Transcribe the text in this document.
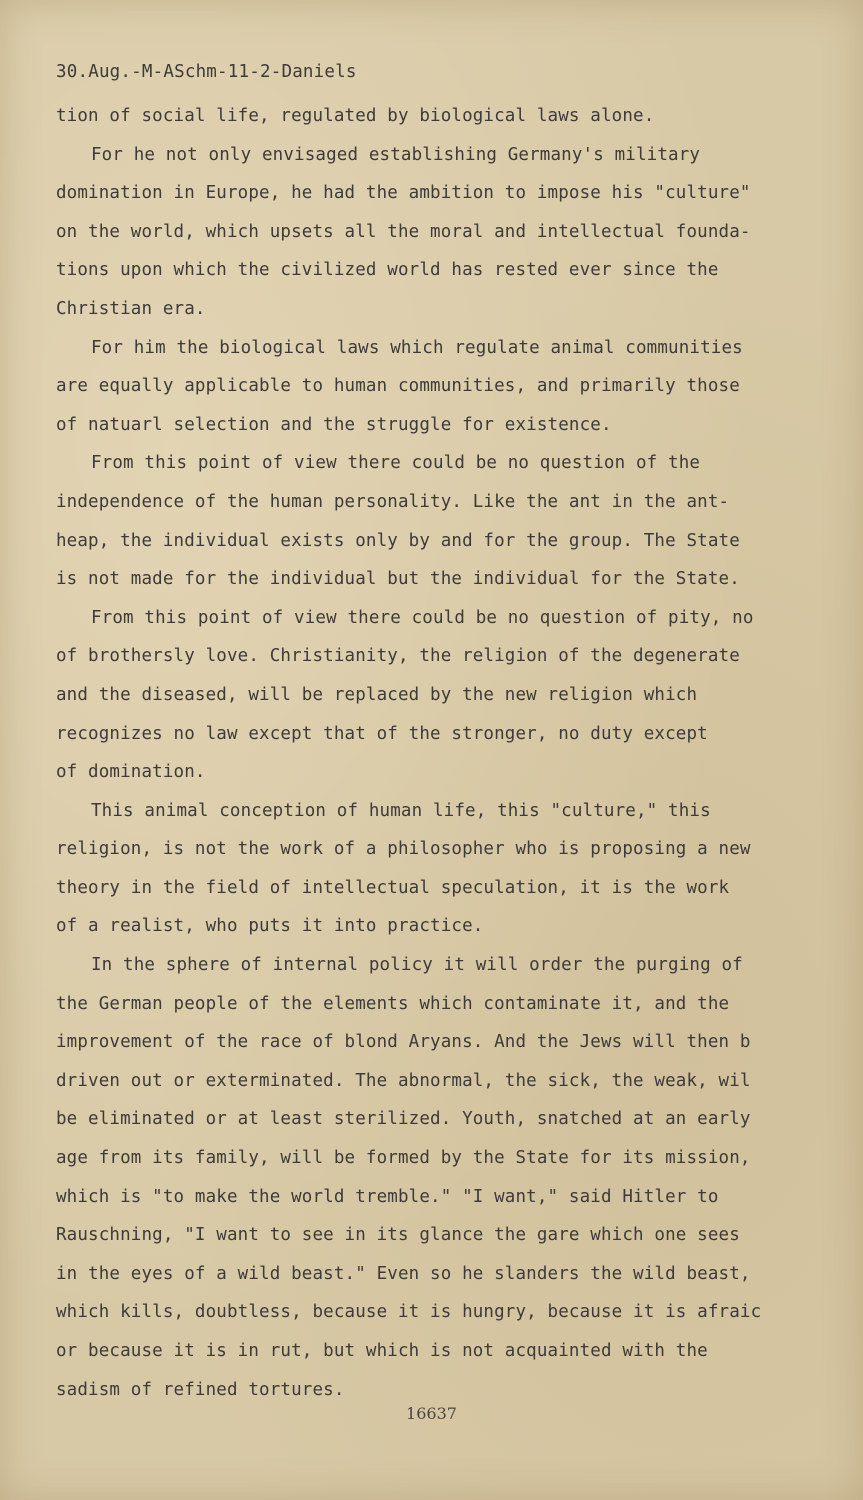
30.Aug.-M-ASchm-11-2-Daniels
tion of social life, regulated by biological laws alone.
For he not only envisaged establishing Germany's military
domination in Europe, he had the ambition to impose his "culture"
on the world, which upsets all the moral and intellectual founda-
tions upon which the civilized world has rested ever since the
Christian era.
For him the biological laws which regulate animal communities
are equally applicable to human communities, and primarily those
of natuarl selection and the struggle for existence.
From this point of view there could be no question of the
independence of the human personality. Like the ant in the ant-
heap, the individual exists only by and for the group. The State
is not made for the individual but the individual for the State.
From this point of view there could be no question of pity, no
of brothersly love. Christianity, the religion of the degenerate
and the diseased, will be replaced by the new religion which
recognizes no law except that of the stronger, no duty except
of domination.
This animal conception of human life, this "culture," this
religion, is not the work of a philosopher who is proposing a new
theory in the field of intellectual speculation, it is the work
of a realist, who puts it into practice.
In the sphere of internal policy it will order the purging of
the German people of the elements which contaminate it, and the
improvement of the race of blond Aryans. And the Jews will then b
driven out or exterminated. The abnormal, the sick, the weak, wil
be eliminated or at least sterilized. Youth, snatched at an early
age from its family, will be formed by the State for its mission,
which is "to make the world tremble." "I want," said Hitler to
Rauschning, "I want to see in its glance the gare which one sees
in the eyes of a wild beast." Even so he slanders the wild beast,
which kills, doubtless, because it is hungry, because it is afraic
or because it is in rut, but which is not acquainted with the
sadism of refined tortures.
16637
